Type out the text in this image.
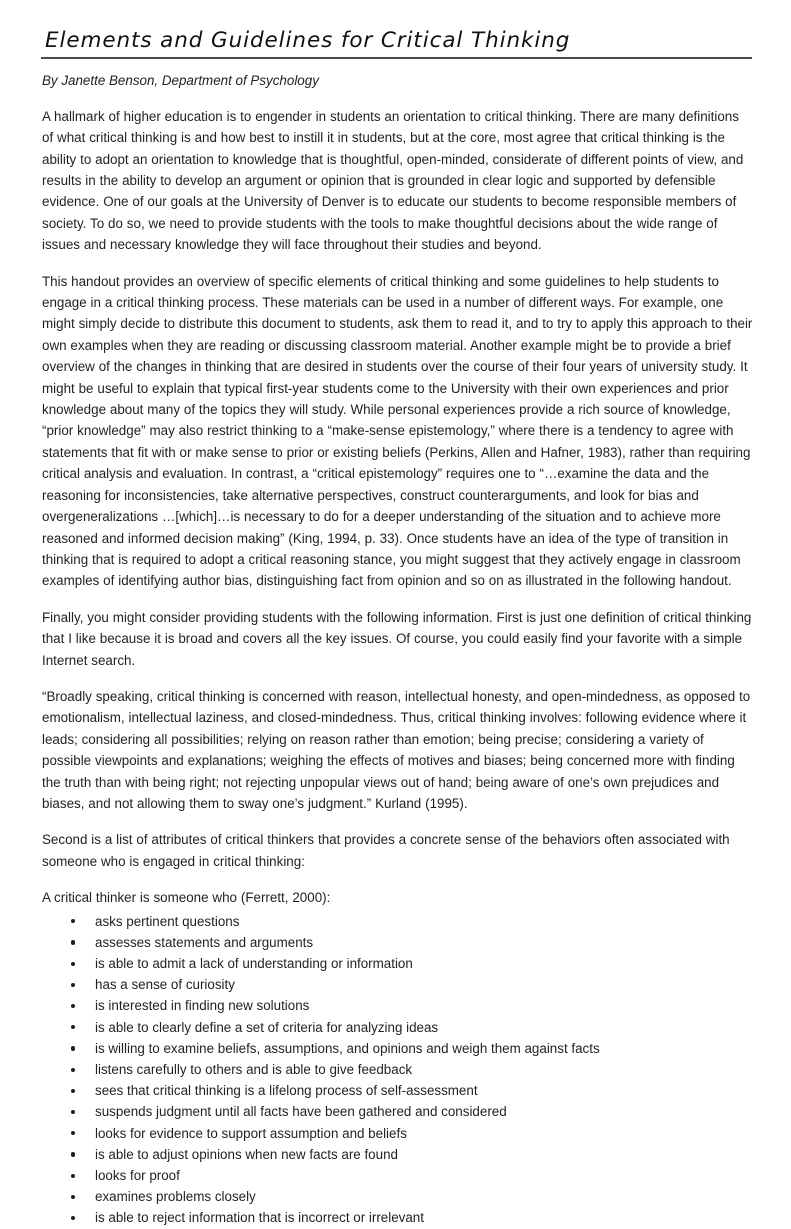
Elements and Guidelines for Critical Thinking
By Janette Benson, Department of Psychology

A hallmark of higher education is to engender in students an orientation to critical thinking. There are many definitions of what critical thinking is and how best to instill it in students, but at the core, most agree that critical thinking is the ability to adopt an orientation to knowledge that is thoughtful, open-minded, considerate of different points of view, and results in the ability to develop an argument or opinion that is grounded in clear logic and supported by defensible evidence. One of our goals at the University of Denver is to educate our students to become responsible members of society. To do so, we need to provide students with the tools to make thoughtful decisions about the wide range of issues and necessary knowledge they will face throughout their studies and beyond.

This handout provides an overview of specific elements of critical thinking and some guidelines to help students to engage in a critical thinking process. These materials can be used in a number of different ways. For example, one might simply decide to distribute this document to students, ask them to read it, and to try to apply this approach to their own examples when they are reading or discussing classroom material. Another example might be to provide a brief overview of the changes in thinking that are desired in students over the course of their four years of university study. It might be useful to explain that typical first-year students come to the University with their own experiences and prior knowledge about many of the topics they will study. While personal experiences provide a rich source of knowledge, “prior knowledge” may also restrict thinking to a “make-sense epistemology,” where there is a tendency to agree with statements that fit with or make sense to prior or existing beliefs (Perkins, Allen and Hafner, 1983), rather than requiring critical analysis and evaluation. In contrast, a “critical epistemology” requires one to “…examine the data and the reasoning for inconsistencies, take alternative perspectives, construct counterarguments, and look for bias and overgeneralizations …[which]…is necessary to do for a deeper understanding of the situation and to achieve more reasoned and informed decision making” (King, 1994, p. 33). Once students have an idea of the type of transition in thinking that is required to adopt a critical reasoning stance, you might suggest that they actively engage in classroom examples of identifying author bias, distinguishing fact from opinion and so on as illustrated in the following handout.

Finally, you might consider providing students with the following information. First is just one definition of critical thinking that I like because it is broad and covers all the key issues. Of course, you could easily find your favorite with a simple Internet search.

“Broadly speaking, critical thinking is concerned with reason, intellectual honesty, and open-mindedness, as opposed to emotionalism, intellectual laziness, and closed-mindedness. Thus, critical thinking involves: following evidence where it leads; considering all possibilities; relying on reason rather than emotion; being precise; considering a variety of possible viewpoints and explanations; weighing the effects of motives and biases; being concerned more with finding the truth than with being right; not rejecting unpopular views out of hand; being aware of one’s own prejudices and biases, and not allowing them to sway one’s judgment.” Kurland (1995).

Second is a list of attributes of critical thinkers that provides a concrete sense of the behaviors often associated with someone who is engaged in critical thinking:

A critical thinker is someone who (Ferrett, 2000):

asks pertinent questions
assesses statements and arguments
is able to admit a lack of understanding or information
has a sense of curiosity
is interested in finding new solutions
is able to clearly define a set of criteria for analyzing ideas
is willing to examine beliefs, assumptions, and opinions and weigh them against facts
listens carefully to others and is able to give feedback
sees that critical thinking is a lifelong process of self-assessment
suspends judgment until all facts have been gathered and considered
looks for evidence to support assumption and beliefs
is able to adjust opinions when new facts are found
looks for proof
examines problems closely
is able to reject information that is incorrect or irrelevant
